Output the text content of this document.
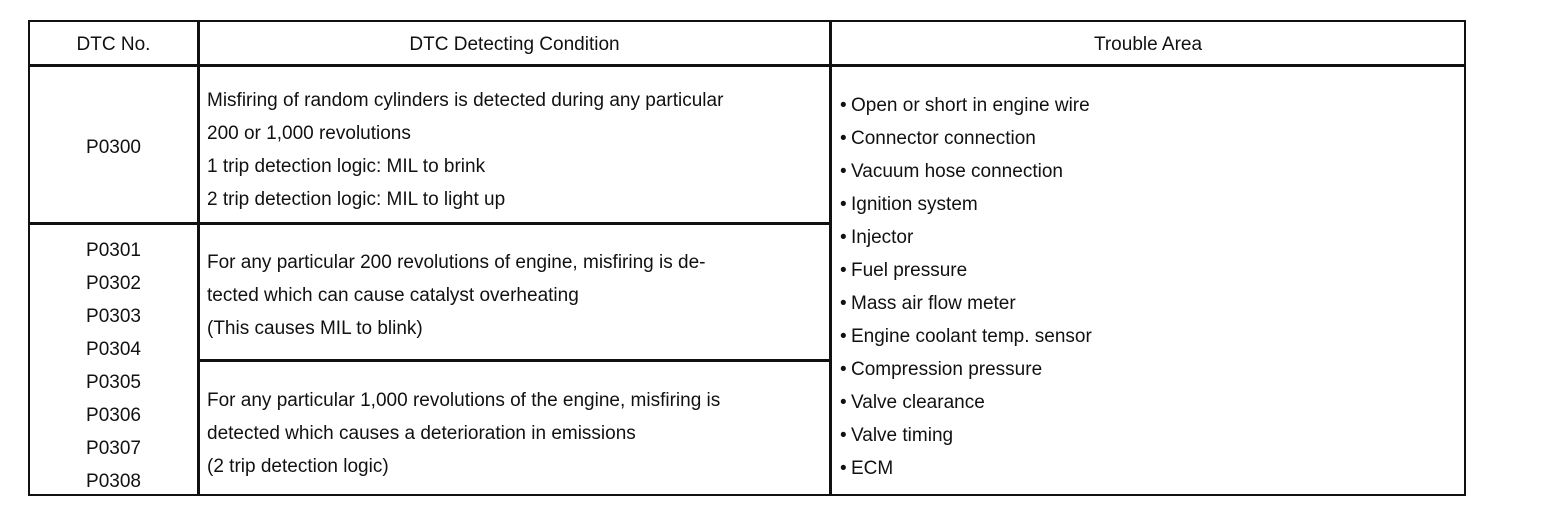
DTC No.	DTC Detecting Condition	Trouble Area
P0300
Misfiring of random cylinders is detected during any particular
200 or 1,000 revolutions
1 trip detection logic: MIL to brink
2 trip detection logic: MIL to light up
P0301
P0302
P0303
P0304
P0305
P0306
P0307
P0308
For any particular 200 revolutions of engine, misfiring is de-
tected which can cause catalyst overheating
(This causes MIL to blink)
For any particular 1,000 revolutions of the engine, misfiring is
detected which causes a deterioration in emissions
(2 trip detection logic)
• Open or short in engine wire
• Connector connection
• Vacuum hose connection
• Ignition system
• Injector
• Fuel pressure
• Mass air flow meter
• Engine coolant temp. sensor
• Compression pressure
• Valve clearance
• Valve timing
• ECM
